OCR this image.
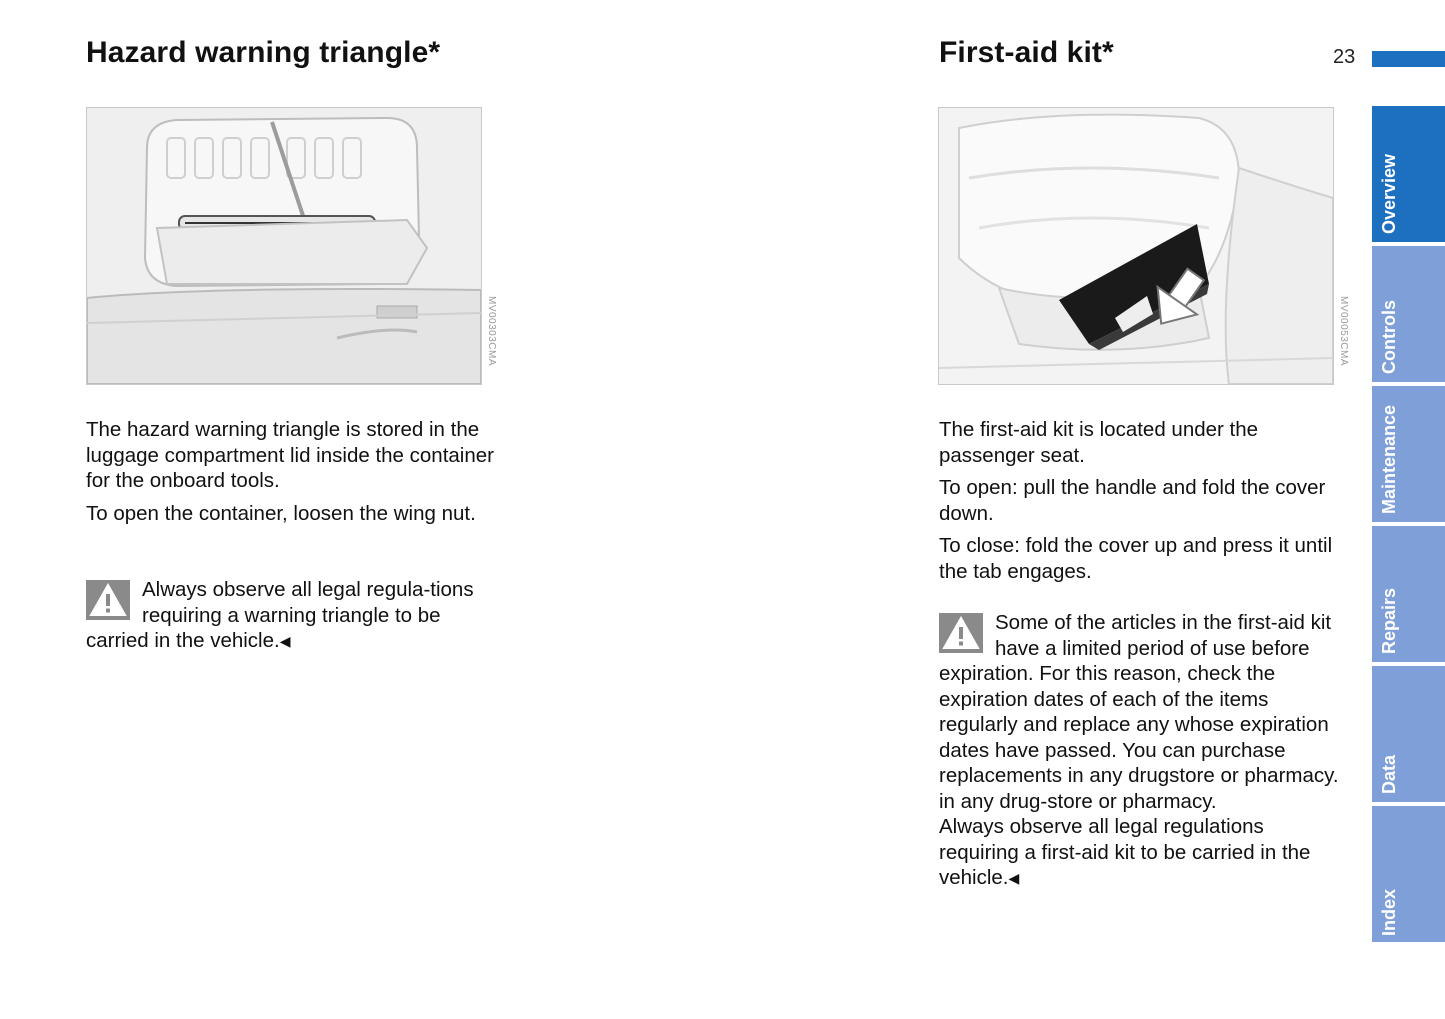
Hazard warning triangle*
MV00303CMA

The hazard warning triangle is stored in the luggage compartment lid inside the container for the onboard tools.

To open the container, loosen the wing nut.

Always observe all legal regula-tions requiring a warning triangle to be carried in the vehicle.◀
First-aid kit*
MV00053CMA

The first-aid kit is located under the passenger seat.

To open: pull the handle and fold the cover down.

To close: fold the cover up and press it until the tab engages.

Some of the articles in the first-aid kit have a limited period of use before expiration. For this reason, check the expiration dates of each of the items regularly and replace any whose expiration dates have passed. You can purchase replacements in any drugstore or pharmacy. in any drug-store or pharmacy.
Always observe all legal regulations requiring a first-aid kit to be carried in the vehicle.◀
23
Overview
Controls
Maintenance
Repairs
Data
Index
